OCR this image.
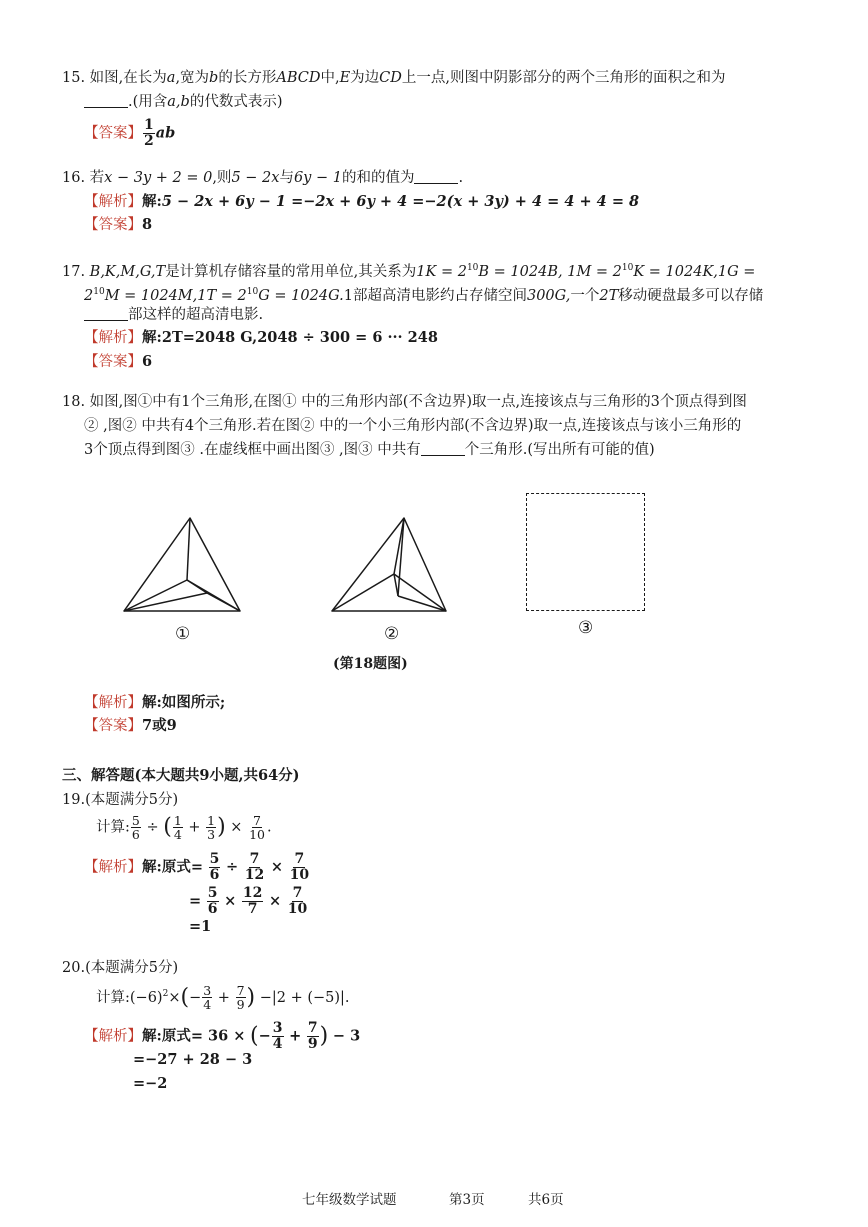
15. 如图,在长为a,宽为b的长方形ABCD中,E为边CD上一点,则图中阴影部分的两个三角形的面积之和为
.(用含a,b的代数式表示)
【答案】 $\frac{1}{2}$ ab
16. 若x − 3y + 2 = 0,则5 − 2x与6y − 1的和的值为	.
【解析】解:5 − 2x + 6y − 1 =−2x + 6y + 4 =−2(x + 3y) + 4 = 4 + 4 = 8
【答案】8
17. B,K,M,G,T是计算机存储容量的常用单位,其关系为$1K = 2^{10}B = 1024B$, $1M = 2^{10}K = 1024K,1G$ =
$2^{10}M = 1024M,1T = 2^{10}G = 1024G.1$部超高清电影约占存储空间300G,一个2T移动硬盘最多可以存储
部这样的超高清电影.
【解析】解:2T=2048 G,2048 ÷ 300 = 6 ··· 248
【答案】6
18. 如图,图①中有1个三角形,在图① 中的三角形内部(不含边界)取一点,连接该点与三角形的3个顶点得到图
② ,图② 中共有4个三角形.若在图② 中的一个小三角形内部(不含边界)取一点,连接该点与该小三角形的
3个顶点得到图③ .在虚线框中画出图③ ,图③ 中共有	个三角形.(写出所有可能的值)
①	②	③
(第18题图)
【解析】解:如图所示;
【答案】7或9
三、解答题(本大题共9小题,共64分)
19.(本题满分5分)
计算: $\frac{5}{6}$ ÷ ( $\frac{1}{4} + \frac{1}{3}$ ) × $\frac{7}{10}$ .
【解析】解:原式= $\frac{5}{6} \div \frac{7}{12} \times \frac{7}{10}$
= $\frac{5}{6} \times \frac{12}{7} \times \frac{7}{10}$
=1
20.(本题满分5分)
计算$:(-6)^2\times(- \frac{3}{4} + \frac{7}{9}$ ) −|2 + (−5)|.
【解析】解:原式= 36 × (− $\frac{3}{4} + \frac{7}{9}$ ) − 3
=−27 + 28 − 3
=−2
七年级数学试题	第3页	共6页
